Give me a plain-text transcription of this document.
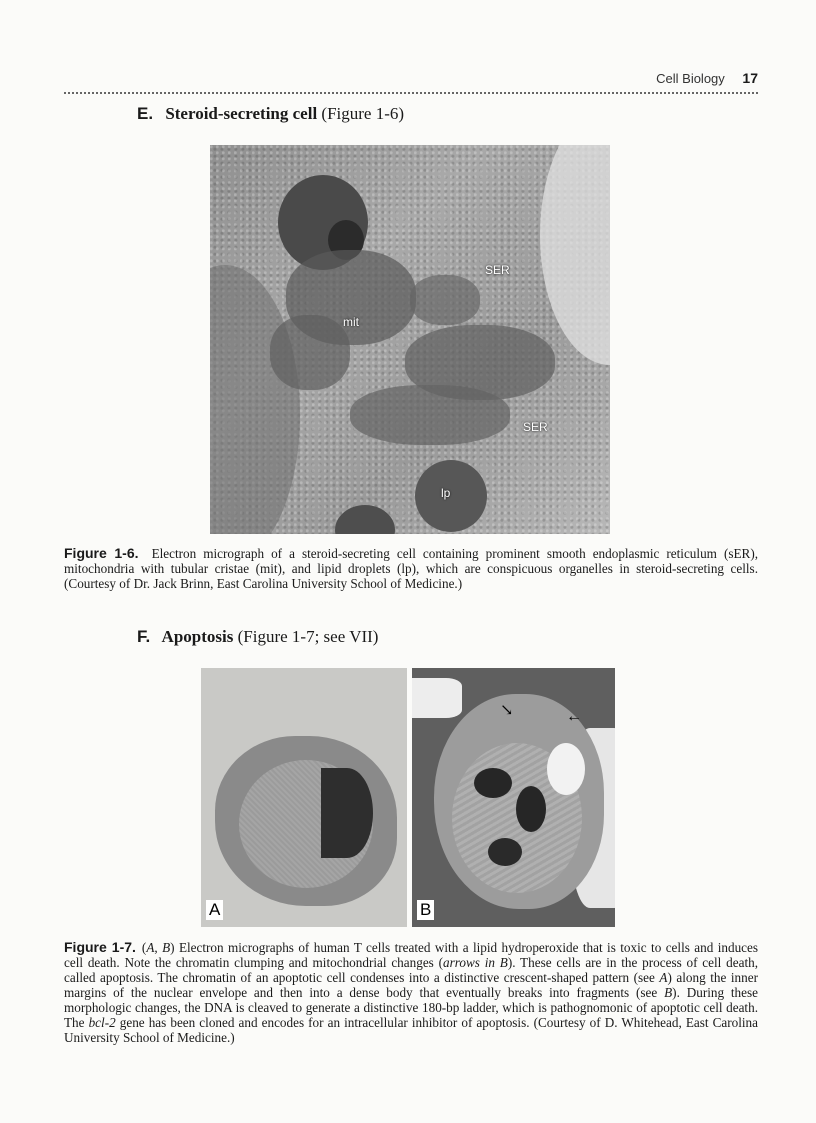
Cell Biology 17
E. Steroid-secreting cell (Figure 1-6)
SER
mit
SER
lp
Figure 1-6. Electron micrograph of a steroid-secreting cell containing prominent smooth endoplasmic reticulum (sER), mitochondria with tubular cristae (mit), and lipid droplets (lp), which are conspicuous organelles in steroid-secreting cells. (Courtesy of Dr. Jack Brinn, East Carolina University School of Medicine.)
F. Apoptosis (Figure 1-7; see VII)
A
↘	←
B
Figure 1-7. (A, B) Electron micrographs of human T cells treated with a lipid hydroperoxide that is toxic to cells and induces cell death. Note the chromatin clumping and mitochondrial changes (arrows in B). These cells are in the process of cell death, called apoptosis. The chromatin of an apoptotic cell condenses into a distinctive crescent-shaped pattern (see A) along the inner margins of the nuclear envelope and then into a dense body that eventually breaks into fragments (see B). During these morphologic changes, the DNA is cleaved to generate a distinctive 180-bp ladder, which is pathognomonic of apoptotic cell death. The bcl-2 gene has been cloned and encodes for an intracellular inhibitor of apoptosis. (Courtesy of D. Whitehead, East Carolina University School of Medicine.)
